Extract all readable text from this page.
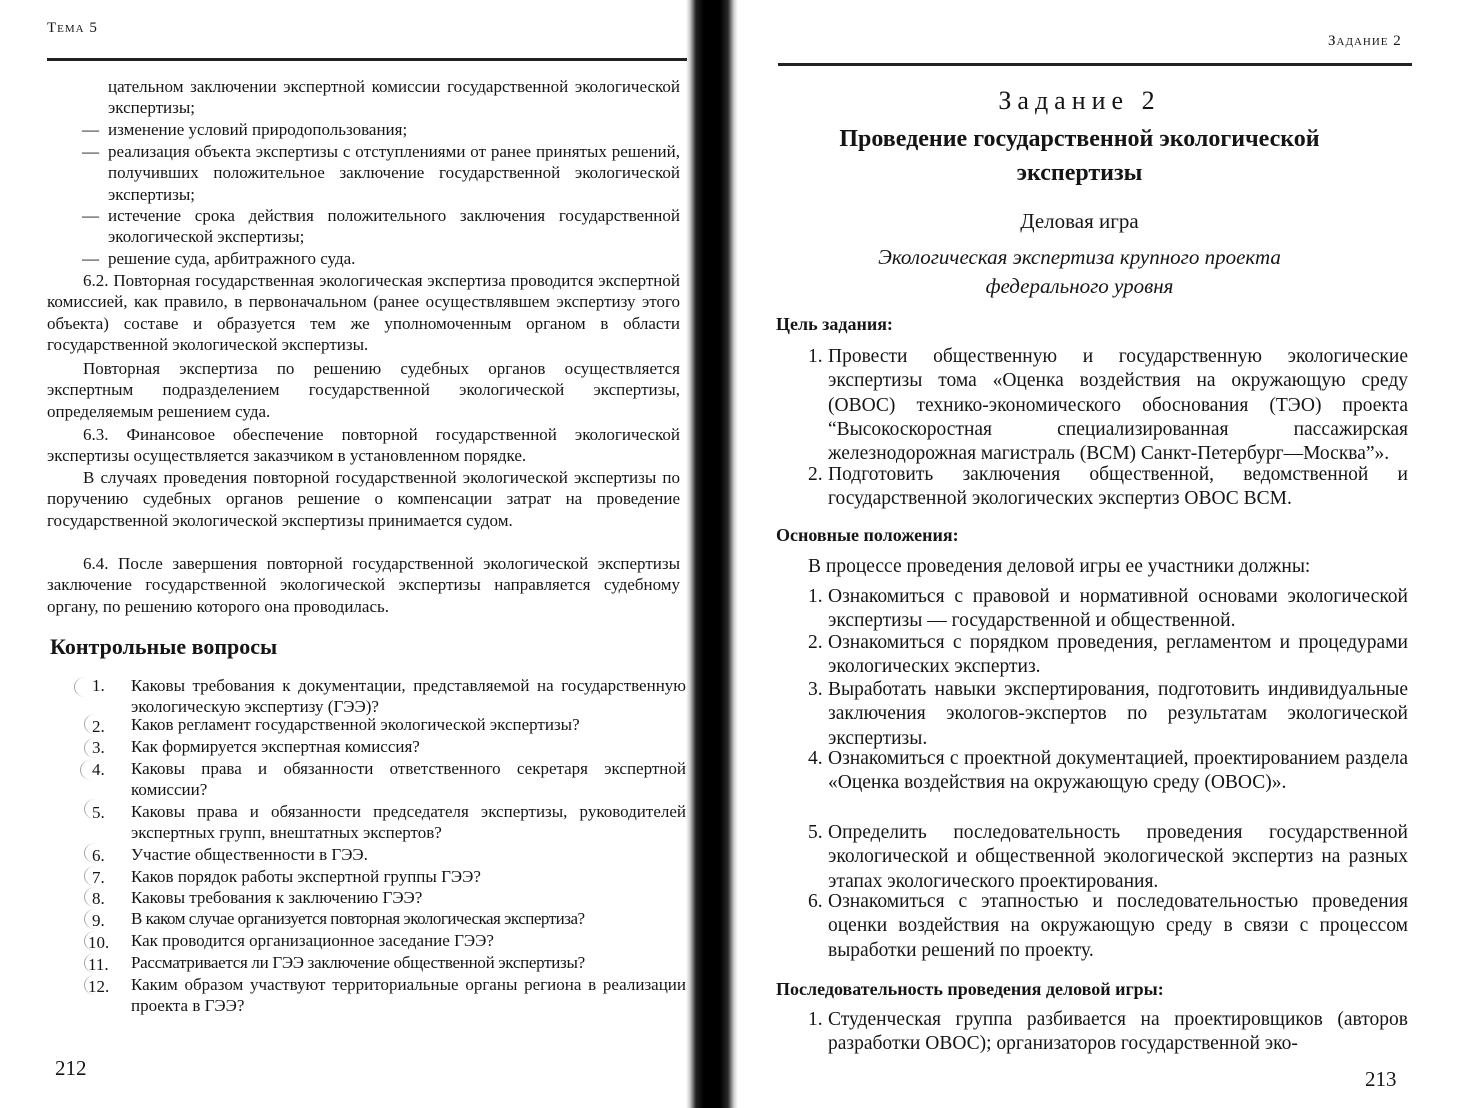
Тема 5
цательном заключении экспертной комиссии государственной экологической экспертизы;
— изменение условий природопользования;
— реализация объекта экспертизы с отступлениями от ранее принятых решений, получивших положительное заключение государственной экологической экспертизы;
— истечение срока действия положительного заключения государственной экологической экспертизы;
— решение суда, арбитражного суда.
6.2. Повторная государственная экологическая экспертиза проводится экспертной комиссией, как правило, в первоначальном (ранее осуществлявшем экспертизу этого объекта) составе и образуется тем же уполномоченным органом в области государственной экологической экспертизы.
Повторная экспертиза по решению судебных органов осуществляется экспертным подразделением государственной экологической экспертизы, определяемым решением суда.
6.3. Финансовое обеспечение повторной государственной экологической экспертизы осуществляется заказчиком в установленном порядке.
В случаях проведения повторной государственной экологической экспертизы по поручению судебных органов решение о компенсации затрат на проведение государственной экологической экспертизы принимается судом.
6.4. После завершения повторной государственной экологической экспертизы заключение государственной экологической экспертизы направляется судебному органу, по решению которого она проводилась.
Контрольные вопросы
1. Каковы требования к документации, представляемой на государственную экологическую экспертизу (ГЭЭ)?
2. Каков регламент государственной экологической экспертизы?
3. Как формируется экспертная комиссия?
4. Каковы права и обязанности ответственного секретаря экспертной комиссии?
5. Каковы права и обязанности председателя экспертизы, руководителей экспертных групп, внештатных экспертов?
6. Участие общественности в ГЭЭ.
7. Каков порядок работы экспертной группы ГЭЭ?
8. Каковы требования к заключению ГЭЭ?
9. В каком случае организуется повторная экологическая экспертиза?
10. Как проводится организационное заседание ГЭЭ?
11. Рассматривается ли ГЭЭ заключение общественной экспертизы?
12. Каким образом участвуют территориальные органы региона в реализации проекта в ГЭЭ?
212
Задание 2
Задание 2
Проведение государственной экологической
экспертизы
Деловая игра
Экологическая экспертиза крупного проекта
федерального уровня
Цель задания:
1. Провести общественную и государственную экологические экспертизы тома «Оценка воздействия на окружающую среду (ОВОС) технико-экономического обоснования (ТЭО) проекта “Высокоскоростная специализированная пассажирская железнодорожная магистраль (ВСМ) Санкт-Петербург—Москва”».
2. Подготовить заключения общественной, ведомственной и государственной экологических экспертиз ОВОС ВСМ.
Основные положения:
В процессе проведения деловой игры ее участники должны:
1. Ознакомиться с правовой и нормативной основами экологической экспертизы — государственной и общественной.
2. Ознакомиться с порядком проведения, регламентом и процедурами экологических экспертиз.
3. Выработать навыки экспертирования, подготовить индивидуальные заключения экологов-экспертов по результатам экологической экспертизы.
4. Ознакомиться с проектной документацией, проектированием раздела «Оценка воздействия на окружающую среду (ОВОС)».
5. Определить последовательность проведения государственной экологической и общественной экологической экспертиз на разных этапах экологического проектирования.
6. Ознакомиться с этапностью и последовательностью проведения оценки воздействия на окружающую среду в связи с процессом выработки решений по проекту.
Последовательность проведения деловой игры:
1. Студенческая группа разбивается на проектировщиков (авторов разработки ОВОС); организаторов государственной эко-
213
